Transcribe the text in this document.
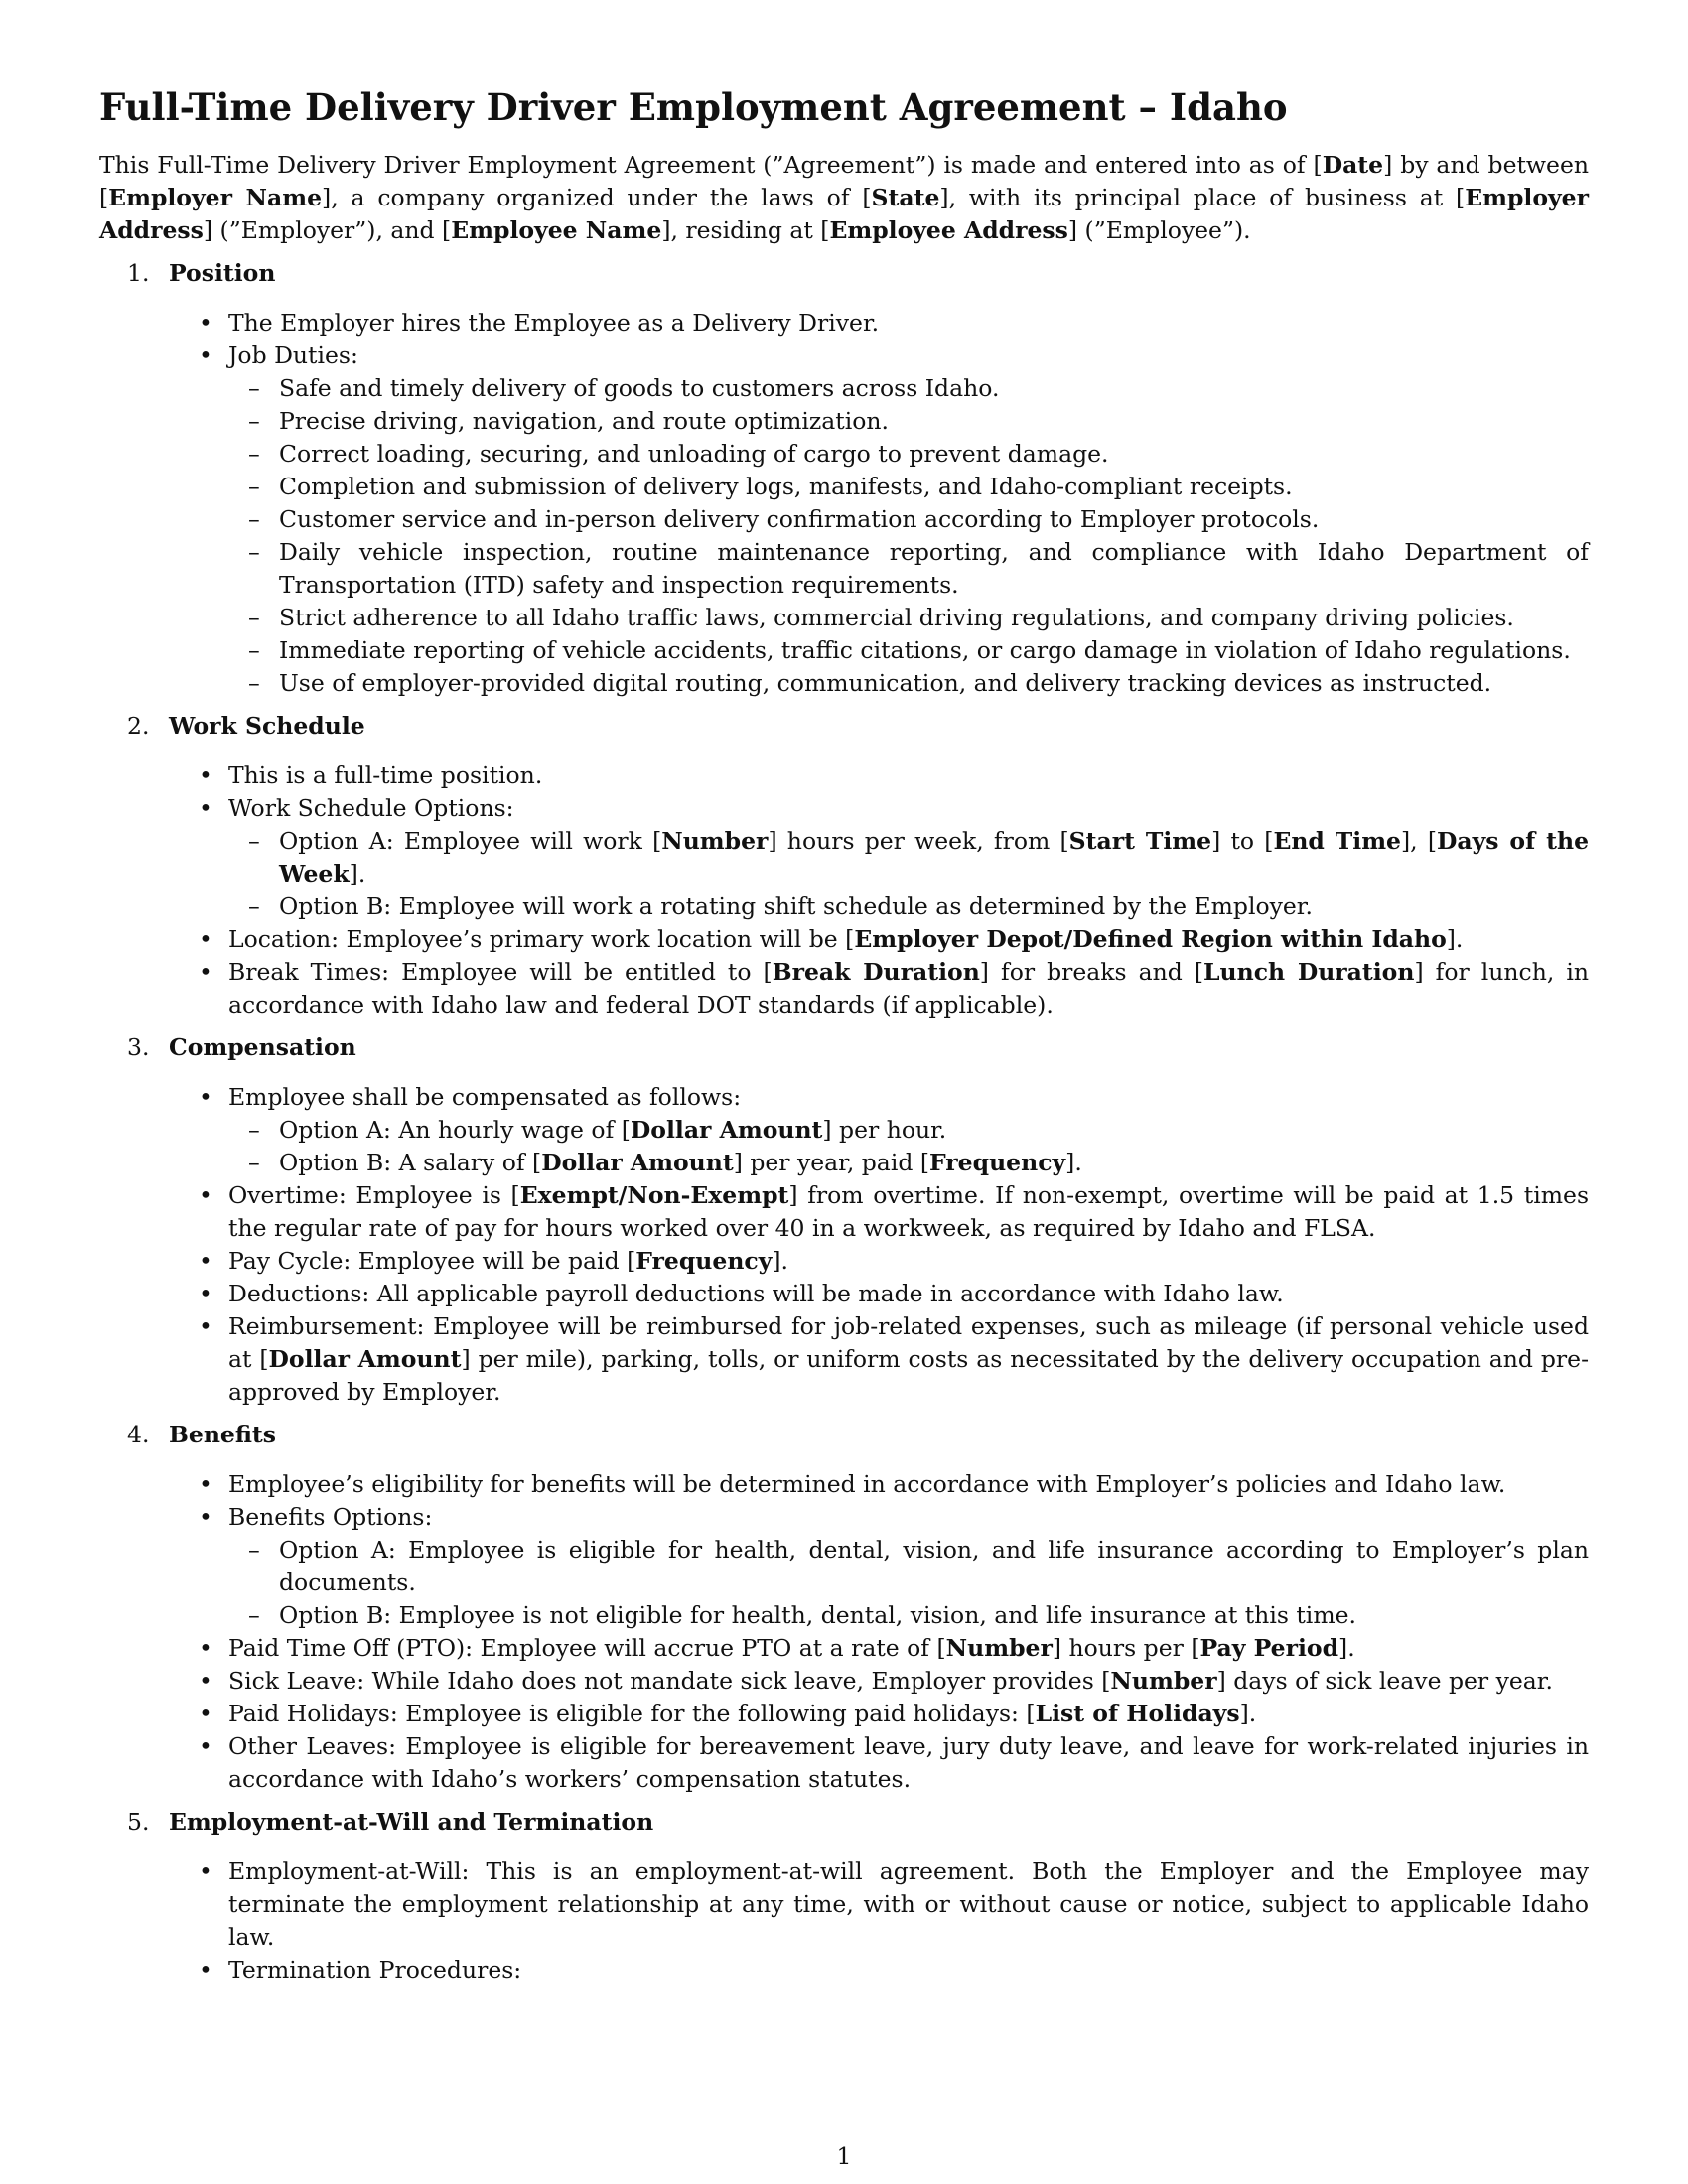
Full-Time Delivery Driver Employment Agreement – Idaho

This Full-Time Delivery Driver Employment Agreement (”Agreement”) is made and entered into as of [Date] by and between [Employer Name], a company organized under the laws of [State], with its principal place of business at [Employer Address] (”Employer”), and [Employee Name], residing at [Employee Address] (”Employee”).

1. Position
• The Employer hires the Employee as a Delivery Driver.
• Job Duties:
– Safe and timely delivery of goods to customers across Idaho.
– Precise driving, navigation, and route optimization.
– Correct loading, securing, and unloading of cargo to prevent damage.
– Completion and submission of delivery logs, manifests, and Idaho-compliant receipts.
– Customer service and in-person delivery confirmation according to Employer protocols.
– Daily vehicle inspection, routine maintenance reporting, and compliance with Idaho Department of Transportation (ITD) safety and inspection requirements.
– Strict adherence to all Idaho traffic laws, commercial driving regulations, and company driving policies.
– Immediate reporting of vehicle accidents, traffic citations, or cargo damage in violation of Idaho regulations.
– Use of employer-provided digital routing, communication, and delivery tracking devices as instructed.
2. Work Schedule
• This is a full-time position.
• Work Schedule Options:
– Option A: Employee will work [Number] hours per week, from [Start Time] to [End Time], [Days of the Week].
– Option B: Employee will work a rotating shift schedule as determined by the Employer.
• Location: Employee’s primary work location will be [Employer Depot/Defined Region within Idaho].
• Break Times: Employee will be entitled to [Break Duration] for breaks and [Lunch Duration] for lunch, in accordance with Idaho law and federal DOT standards (if applicable).
3. Compensation
• Employee shall be compensated as follows:
– Option A: An hourly wage of [Dollar Amount] per hour.
– Option B: A salary of [Dollar Amount] per year, paid [Frequency].
• Overtime: Employee is [Exempt/Non-Exempt] from overtime. If non-exempt, overtime will be paid at 1.5 times the regular rate of pay for hours worked over 40 in a workweek, as required by Idaho and FLSA.
• Pay Cycle: Employee will be paid [Frequency].
• Deductions: All applicable payroll deductions will be made in accordance with Idaho law.
• Reimbursement: Employee will be reimbursed for job-related expenses, such as mileage (if personal vehicle used at [Dollar Amount] per mile), parking, tolls, or uniform costs as necessitated by the delivery occupation and pre-approved by Employer.
4. Benefits
• Employee’s eligibility for benefits will be determined in accordance with Employer’s policies and Idaho law.
• Benefits Options:
– Option A: Employee is eligible for health, dental, vision, and life insurance according to Employer’s plan documents.
– Option B: Employee is not eligible for health, dental, vision, and life insurance at this time.
• Paid Time Off (PTO): Employee will accrue PTO at a rate of [Number] hours per [Pay Period].
• Sick Leave: While Idaho does not mandate sick leave, Employer provides [Number] days of sick leave per year.
• Paid Holidays: Employee is eligible for the following paid holidays: [List of Holidays].
• Other Leaves: Employee is eligible for bereavement leave, jury duty leave, and leave for work-related injuries in accordance with Idaho’s workers’ compensation statutes.
5. Employment-at-Will and Termination
• Employment-at-Will: This is an employment-at-will agreement. Both the Employer and the Employee may terminate the employment relationship at any time, with or without cause or notice, subject to applicable Idaho law.
• Termination Procedures:
1
